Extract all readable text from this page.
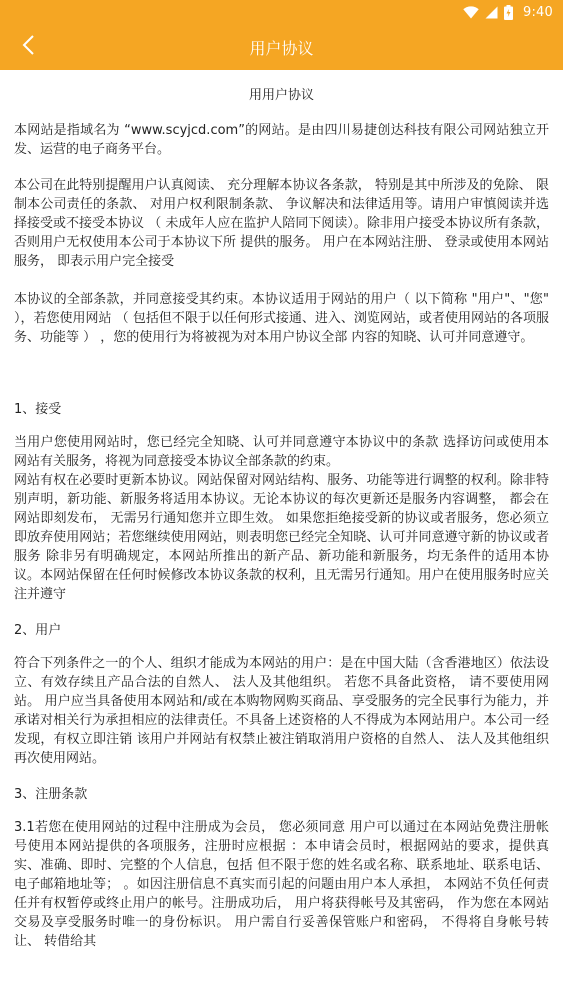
9:40
用户协议
用用户协议

本网站是指域名为 “www.scyjcd.com”的网站。是由四川易捷创达科技有限公司网站独立开发、运营的电子商务平台。

本公司在此特别提醒用户认真阅读、 充分理解本协议各条款， 特别是其中所涉及的免除、 限制本公司责任的条款、 对用户权利限制条款、 争议解决和法律适用等。请用户审慎阅读并选择接受或不接受本协议 （ 未成年人应在监护人陪同下阅读）。除非用户接受本协议所有条款，否则用户无权使用本公司于本协议下所 提供的服务。 用户在本网站注册、 登录或使用本网站服务， 即表示用户完全接受

本协议的全部条款，并同意接受其约束。本协议适用于网站的用户（ 以下简称 "用户"、"您" ），若您使用网站 （ 包括但不限于以任何形式接通、进入、浏览网站，或者使用网站的各项服务、功能等 ） ，您的使用行为将被视为对本用户协议全部 内容的知晓、认可并同意遵守。

1、接受

当用户您使用网站时，您已经完全知晓、认可并同意遵守本协议中的条款 选择访问或使用本网站有关服务，将视为同意接受本协议全部条款的约束。

网站有权在必要时更新本协议。网站保留对网站结构、服务、功能等进行调整的权利。除非特别声明，新功能、新服务将适用本协议。无论本协议的每次更新还是服务内容调整， 都会在网站即刻发布， 无需另行通知您并立即生效。 如果您拒绝接受新的协议或者服务，您必须立即放弃使用网站；若您继续使用网站，则表明您已经完全知晓、认可并同意遵守新的协议或者服务 除非另有明确规定，本网站所推出的新产品、新功能和新服务，均无条件的适用本协议。本网站保留在任何时候修改本协议条款的权利，且无需另行通知。用户在使用服务时应关注并遵守

2、用户

符合下列条件之一的个人、组织才能成为本网站的用户：是在中国大陆（含香港地区）依法设立、有效存续且产品合法的自然人、 法人及其他组织。 若您不具备此资格， 请不要使用网站。 用户应当具备使用本网站和/或在本购物网购买商品、享受服务的完全民事行为能力，并承诺对相关行为承担相应的法律责任。不具备上述资格的人不得成为本网站用户。本公司一经发现，有权立即注销 该用户并网站有权禁止被注销取消用户资格的自然人、 法人及其他组织再次使用网站。

3、注册条款

3.1若您在使用网站的过程中注册成为会员， 您必须同意 用户可以通过在本网站免费注册帐号使用本网站提供的各项服务，注册时应根据 ：本申请会员时，根据网站的要求，提供真实、准确、即时、完整的个人信息，包括 但不限于您的姓名或名称、联系地址、联系电话、电子邮箱地址等； 。如因注册信息不真实而引起的问题由用户本人承担， 本网站不负任何责任并有权暂停或终止用户的帐号。注册成功后， 用户将获得帐号及其密码， 作为您在本网站交易及享受服务时唯一的身份标识。 用户需自行妥善保管账户和密码， 不得将自身帐号转让、 转借给其
